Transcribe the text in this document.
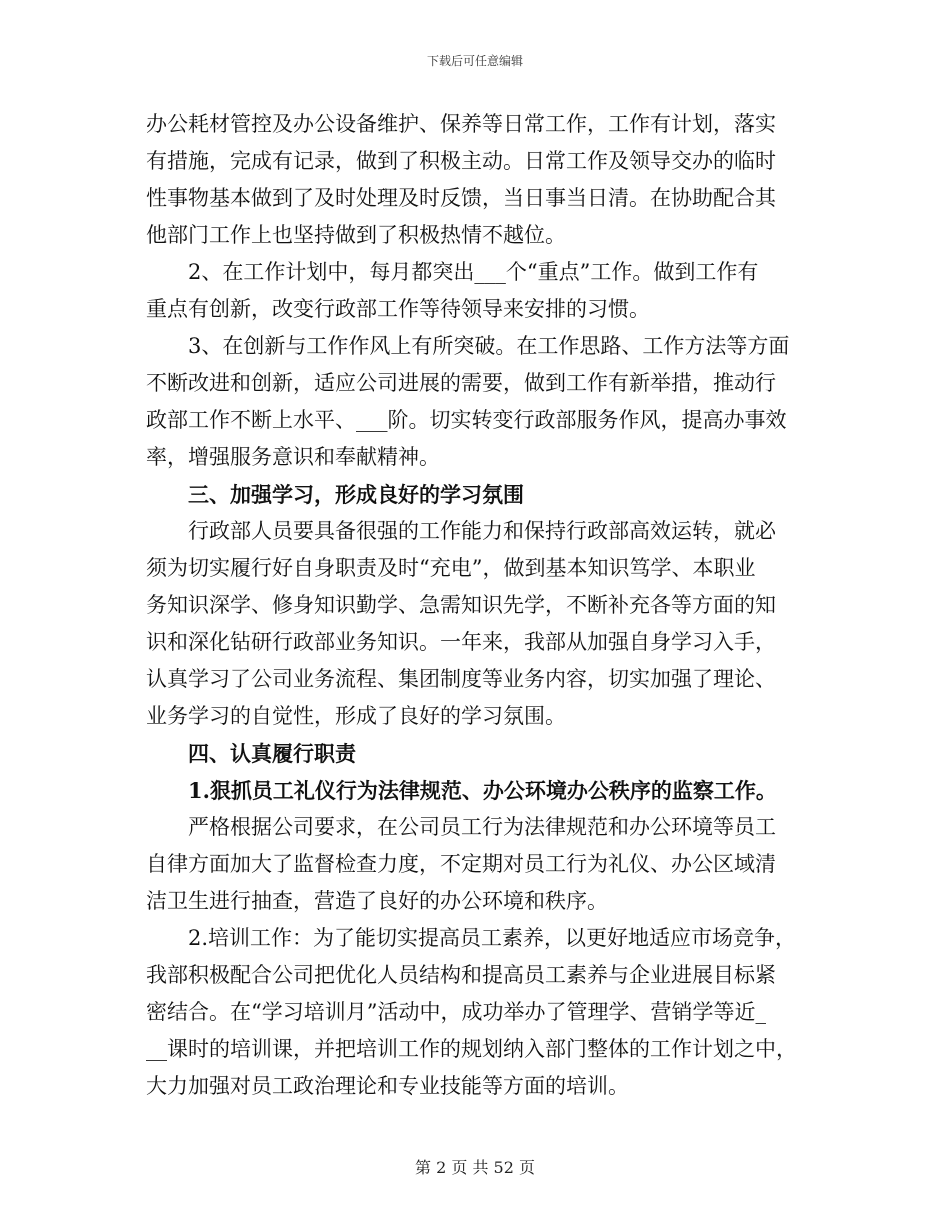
下载后可任意编辑

办公耗材管控及办公设备维护、保养等日常工作，工作有计划，落实
有措施，完成有记录，做到了积极主动。日常工作及领导交办的临时
性事物基本做到了及时处理及时反馈，当日事当日清。在协助配合其
他部门工作上也坚持做到了积极热情不越位。

2、在工作计划中，每月都突出___个“重点”工作。做到工作有
重点有创新，改变行政部工作等待领导来安排的习惯。

3、在创新与工作作风上有所突破。在工作思路、工作方法等方面
不断改进和创新，适应公司进展的需要，做到工作有新举措，推动行
政部工作不断上水平、___阶。切实转变行政部服务作风，提高办事效
率，增强服务意识和奉献精神。

三、加强学习，形成良好的学习氛围

行政部人员要具备很强的工作能力和保持行政部高效运转，就必
须为切实履行好自身职责及时“充电”，做到基本知识笃学、本职业
务知识深学、修身知识勤学、急需知识先学，不断补充各等方面的知
识和深化钻研行政部业务知识。一年来，我部从加强自身学习入手，
认真学习了公司业务流程、集团制度等业务内容，切实加强了理论、
业务学习的自觉性，形成了良好的学习氛围。

四、认真履行职责

1.狠抓员工礼仪行为法律规范、办公环境办公秩序的监察工作。

严格根据公司要求，在公司员工行为法律规范和办公环境等员工
自律方面加大了监督检查力度，不定期对员工行为礼仪、办公区域清
洁卫生进行抽查，营造了良好的办公环境和秩序。

2.培训工作：为了能切实提高员工素养，以更好地适应市场竞争，
我部积极配合公司把优化人员结构和提高员工素养与企业进展目标紧
密结合。在“学习培训月”活动中，成功举办了管理学、营销学等近_
__课时的培训课，并把培训工作的规划纳入部门整体的工作计划之中，
大力加强对员工政治理论和专业技能等方面的培训。

第 2 页 共 52 页
